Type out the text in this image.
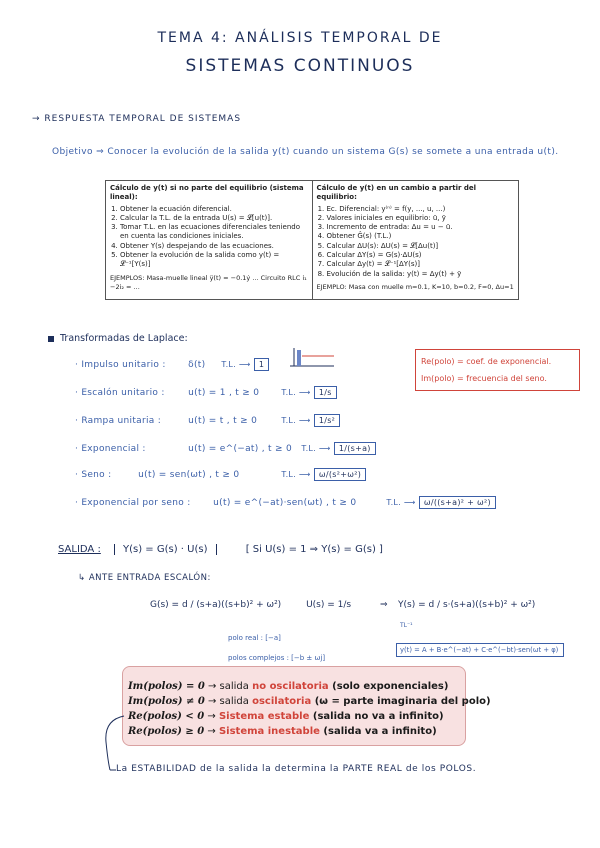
TEMA 4: ANÁLISIS TEMPORAL DE
SISTEMAS CONTINUOS
→ RESPUESTA TEMPORAL DE SISTEMAS
Objetivo ⇒ Conocer la evolución de la salida y(t) cuando un sistema G(s) se somete a una entrada u(t).
Cálculo de y(t) si no parte del equilibrio (sistema lineal):
1. Obtener la ecuación diferencial.
2. Calcular la T.L. de la entrada U(s) = 𝓛[u(t)].
3. Tomar T.L. en las ecuaciones diferenciales teniendo en cuenta las condiciones iniciales.
4. Obtener Y(s) despejando de las ecuaciones.
5. Obtener la evolución de la salida como y(t) = 𝓛⁻¹[Y(s)]
EJEMPLOS: Masa-muelle lineal ÿ(t) = −0.1ẏ ... Circuito RLC i₁ −2i₂ = ...
Cálculo de y(t) en un cambio a partir del equilibrio:
1. Ec. Diferencial: y⁽ⁿ⁾ = f(y, ..., u, ...)
2. Valores iniciales en equilibrio: ū, ȳ
3. Incremento de entrada: Δu = u − ū.
4. Obtener Ĝ(s) (T.L.)
5. Calcular ΔU(s): ΔU(s) = 𝓛[Δu(t)]
6. Calcular ΔY(s) = G(s)·ΔU(s)
7. Calcular Δy(t) = 𝓛⁻¹[ΔY(s)]
8. Evolución de la salida: y(t) = Δy(t) + ȳ
EJEMPLO: Masa con muelle m=0.1, K=10, b=0.2, F=0, Δu=1
Transformadas de Laplace:
Re(polo) = coef. de exponencial.
Im(polo) = frecuencia del seno.
· Impulso unitario :	δ(t) T.L. ⟶ 1
· Escalón unitario :	u(t) = 1 , t ≥ 0	T.L. ⟶ 1/s
· Rampa unitaria :	u(t) = t , t ≥ 0	T.L. ⟶ 1/s²
· Exponencial :	u(t) = e^(−at) , t ≥ 0 T.L. ⟶ 1/(s+a)
· Seno :	u(t) = sen(ωt) , t ≥ 0	T.L. ⟶ ω/(s²+ω²)
· Exponencial por seno :	u(t) = e^(−at)·sen(ωt) , t ≥ 0	T.L. ⟶ ω/((s+a)² + ω²)
SALIDA : Y(s) = G(s) · U(s)	[ Si U(s) = 1 ⇒ Y(s) = G(s) ]
↳ ANTE ENTRADA ESCALÓN:
G(s) = d / (s+a)((s+b)² + ω²)	U(s) = 1/s	⇒
polo real : [−a]
polos complejos : [−b ± ωj]
Y(s) = d / s·(s+a)((s+b)² + ω²)
TL⁻¹
y(t) = A + B·e^(−at) + C·e^(−bt)·sen(ωt + φ)
Im(polos) = 0 → salida no oscilatoria (solo exponenciales)
Im(polos) ≠ 0 → salida oscilatoria (ω = parte imaginaria del polo)
Re(polos) < 0 → Sistema estable (salida no va a infinito)
Re(polos) ≥ 0 → Sistema inestable (salida va a infinito)
La ESTABILIDAD de la salida la determina la PARTE REAL de los POLOS.
